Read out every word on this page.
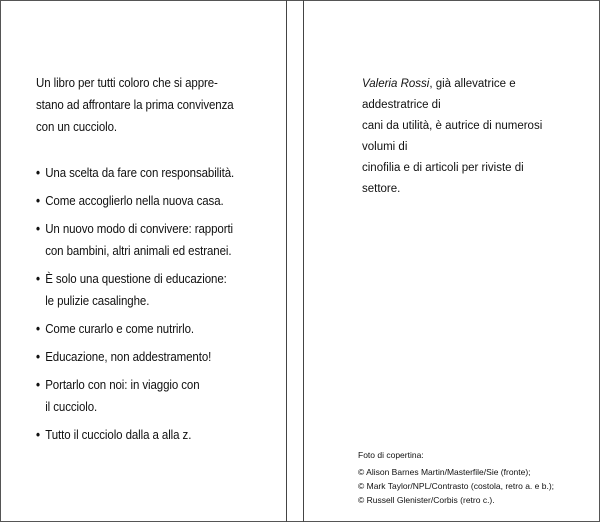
Un libro per tutti coloro che si appre-
stano ad affrontare la prima convivenza
con un cucciolo.
• Una scelta da fare con responsabilità.
• Come accoglierlo nella nuova casa.
• Un nuovo modo di convivere: rapporti
con bambini, altri animali ed estranei.
• È solo una questione di educazione:
le pulizie casalinghe.
• Come curarlo e come nutrirlo.
• Educazione, non addestramento!
• Portarlo con noi: in viaggio con
il cucciolo.
• Tutto il cucciolo dalla a alla z.
Valeria Rossi, già allevatrice e addestratrice di
cani da utilità, è autrice di numerosi volumi di
cinofilia e di articoli per riviste di settore.
Foto di copertina:
© Alison Barnes Martin/Masterfile/Sie (fronte);
© Mark Taylor/NPL/Contrasto (costola, retro a. e b.);
© Russell Glenister/Corbis (retro c.).
